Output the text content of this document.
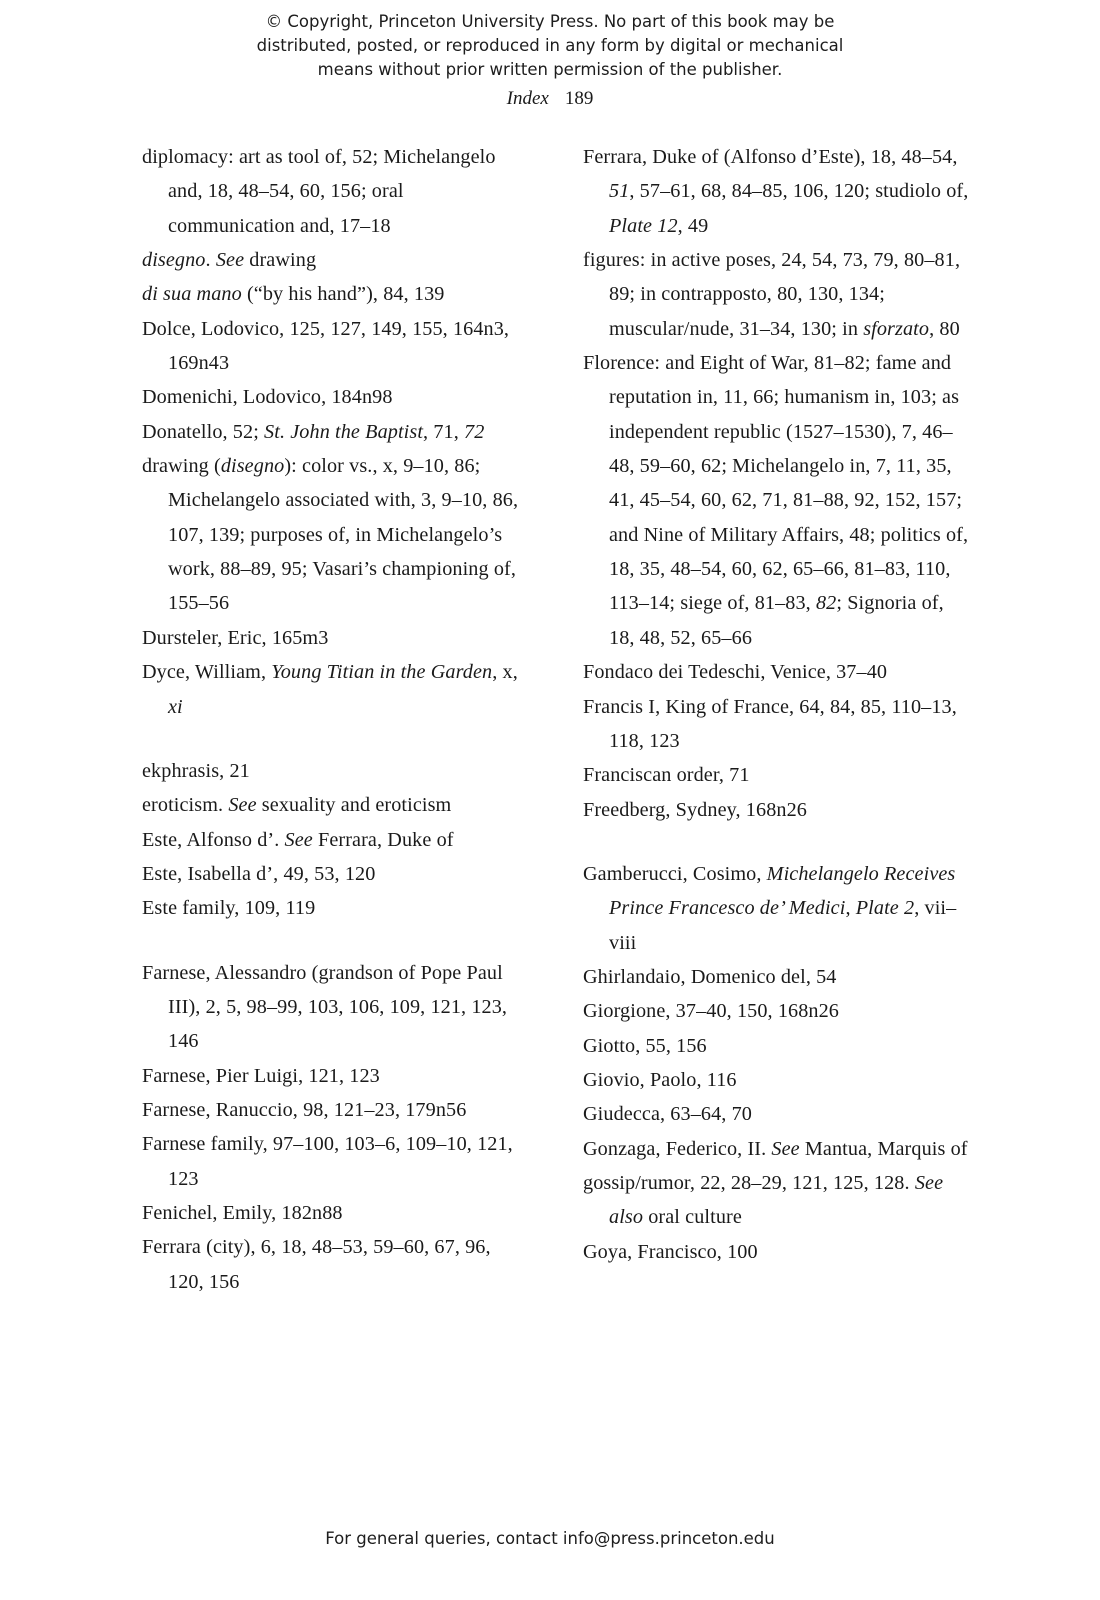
© Copyright, Princeton University Press. No part of this book may be
distributed, posted, or reproduced in any form by digital or mechanical
means without prior written permission of the publisher.
Index 189

diplomacy: art as tool of, 52; Michelangelo and, 18, 48–54, 60, 156; oral communication and, 17–18

disegno. See drawing

di sua mano (“by his hand”), 84, 139

Dolce, Lodovico, 125, 127, 149, 155, 164n3, 169n43

Domenichi, Lodovico, 184n98

Donatello, 52; St. John the Baptist, 71, 72

drawing (disegno): color vs., x, 9–10, 86; Michelangelo associated with, 3, 9–10, 86, 107, 139; purposes of, in Michelangelo’s work, 88–89, 95; Vasari’s championing of, 155–56

Dursteler, Eric, 165m3

Dyce, William, Young Titian in the Garden, x, xi

ekphrasis, 21

eroticism. See sexuality and eroticism

Este, Alfonso d’. See Ferrara, Duke of

Este, Isabella d’, 49, 53, 120

Este family, 109, 119

Farnese, Alessandro (grandson of Pope Paul III), 2, 5, 98–99, 103, 106, 109, 121, 123, 146

Farnese, Pier Luigi, 121, 123

Farnese, Ranuccio, 98, 121–23, 179n56

Farnese family, 97–100, 103–6, 109–10, 121, 123

Fenichel, Emily, 182n88

Ferrara (city), 6, 18, 48–53, 59–60, 67, 96, 120, 156

Ferrara, Duke of (Alfonso d’Este), 18, 48–54, 51, 57–61, 68, 84–85, 106, 120; studiolo of, Plate 12, 49

figures: in active poses, 24, 54, 73, 79, 80–81, 89; in contrapposto, 80, 130, 134; muscular/nude, 31–34, 130; in sforzato, 80

Florence: and Eight of War, 81–82; fame and reputation in, 11, 66; humanism in, 103; as independent republic (1527–1530), 7, 46–48, 59–60, 62; Michelangelo in, 7, 11, 35, 41, 45–54, 60, 62, 71, 81–88, 92, 152, 157; and Nine of Military Affairs, 48; politics of, 18, 35, 48–54, 60, 62, 65–66, 81–83, 110, 113–14; siege of, 81–83, 82; Signoria of, 18, 48, 52, 65–66

Fondaco dei Tedeschi, Venice, 37–40

Francis I, King of France, 64, 84, 85, 110–13, 118, 123

Franciscan order, 71

Freedberg, Sydney, 168n26

Gamberucci, Cosimo, Michelangelo Receives Prince Francesco de’ Medici, Plate 2, vii–viii

Ghirlandaio, Domenico del, 54

Giorgione, 37–40, 150, 168n26

Giotto, 55, 156

Giovio, Paolo, 116

Giudecca, 63–64, 70

Gonzaga, Federico, II. See Mantua, Marquis of

gossip/rumor, 22, 28–29, 121, 125, 128. See also oral culture

Goya, Francisco, 100

For general queries, contact info@press.princeton.edu
